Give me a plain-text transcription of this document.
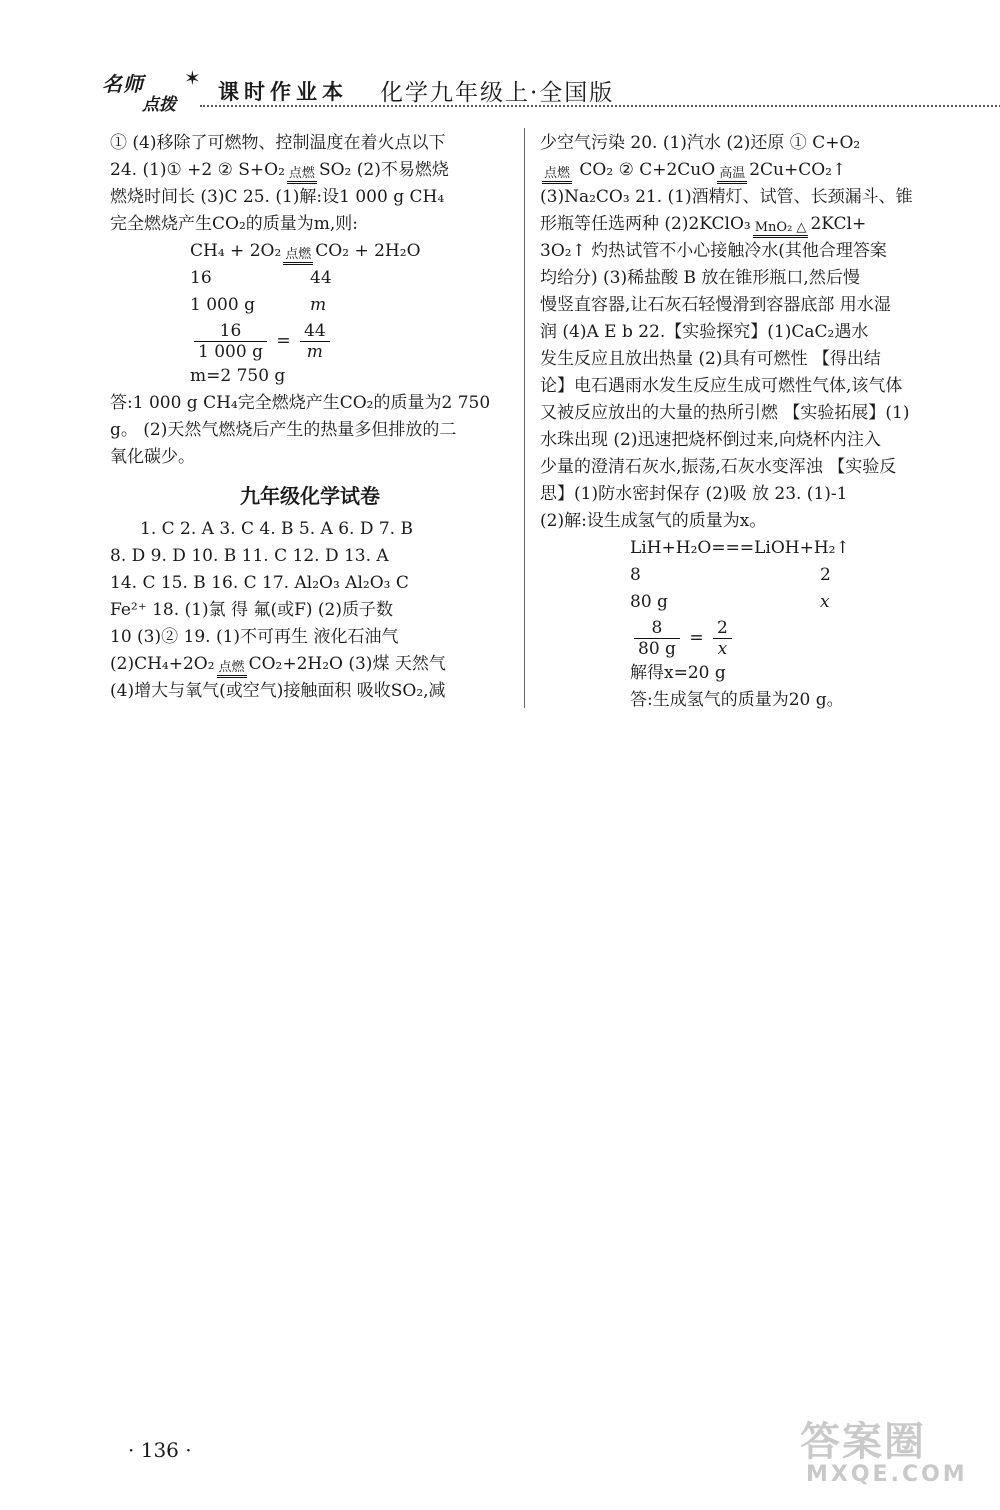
名师
点拨
✶
课时作业本 化学九年级上·全国版

① (4)移除了可燃物、控制温度在着火点以下

24. (1)① +2 ② S+O₂ 点燃 SO₂ (2)不易燃烧

燃烧时间长 (3)C 25. (1)解:设1 000 g CH₄

完全燃烧产生CO₂的质量为m,则:

CH₄ + 2O₂ 点燃 CO₂ + 2H₂O

16	44

1 000 g	m

$\frac{16}{1 000 g} = \frac{44}{m}$

m=2 750 g

答:1 000 g CH₄完全燃烧产生CO₂的质量为2 750

g。 (2)天然气燃烧后产生的热量多但排放的二

氧化碳少。

九年级化学试卷

1. C 2. A 3. C 4. B 5. A 6. D 7. B

8. D 9. D 10. B 11. C 12. D 13. A

14. C 15. B 16. C 17. Al₂O₃ Al₂O₃ C

Fe²⁺ 18. (1)氯 得 氟(或F) (2)质子数

10 (3)② 19. (1)不可再生 液化石油气

(2)CH₄+2O₂ 点燃 CO₂+2H₂O (3)煤 天然气

(4)增大与氧气(或空气)接触面积 吸收SO₂,减

少空气污染 20. (1)汽水 (2)还原 ① C+O₂

点燃 CO₂ ② C+2CuO 高温 2Cu+CO₂↑

(3)Na₂CO₃ 21. (1)酒精灯、试管、长颈漏斗、锥

形瓶等任选两种 (2)2KClO₃ MnO₂ △ 2KCl+

3O₂↑ 灼热试管不小心接触冷水(其他合理答案

均给分) (3)稀盐酸 B 放在锥形瓶口,然后慢

慢竖直容器,让石灰石轻慢滑到容器底部 用水湿

润 (4)A E b 22.【实验探究】(1)CaC₂遇水

发生反应且放出热量 (2)具有可燃性 【得出结

论】电石遇雨水发生反应生成可燃性气体,该气体

又被反应放出的大量的热所引燃 【实验拓展】(1)

水珠出现 (2)迅速把烧杯倒过来,向烧杯内注入

少量的澄清石灰水,振荡,石灰水变浑浊 【实验反

思】(1)防水密封保存 (2)吸 放 23. (1)-1

(2)解:设生成氢气的质量为x。

LiH+H₂O===LiOH+H₂↑

8	2

80 g	x

$\frac{8}{80 g} = \frac{2}{x}$

解得x=20 g

答:生成氢气的质量为20 g。

· 136 ·	答案圈
MXQE.COM
